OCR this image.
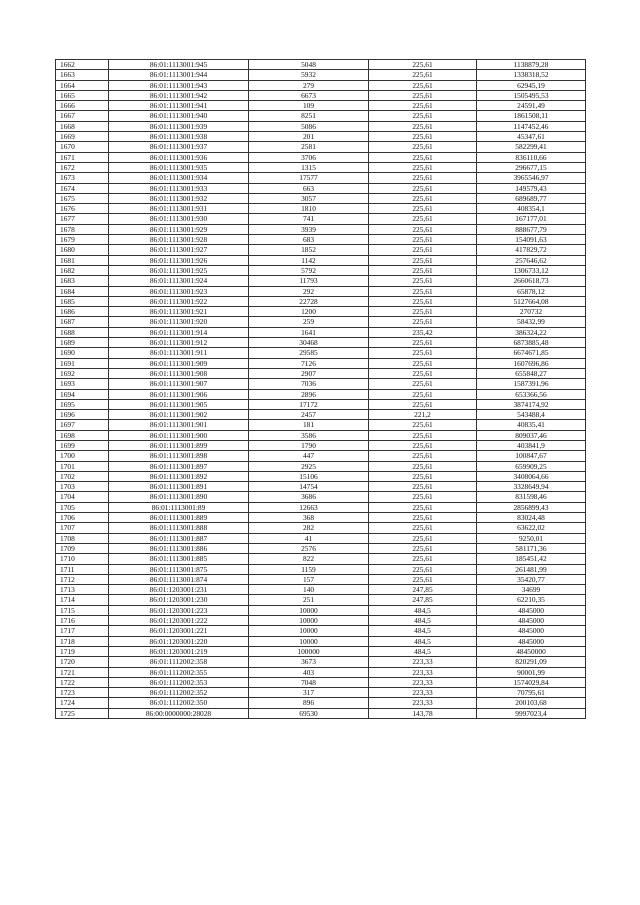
1662	86:01:1113001:945	5048	225,61	1138879,28
1663	86:01:1113001:944	5932	225,61	1338318,52
1664	86:01:1113001:943	279	225,61	62945,19
1665	86:01:1113001:942	6673	225,61	1505495,53
1666	86:01:1113001:941	109	225,61	24591,49
1667	86:01:1113001:940	8251	225,61	1861508,11
1668	86:01:1113001:939	5086	225,61	1147452,46
1669	86:01:1113001:938	201	225,61	45347,61
1670	86:01:1113001:937	2581	225,61	582299,41
1671	86:01:1113001:936	3706	225,61	836110,66
1672	86:01:1113001:935	1315	225,61	296677,15
1673	86:01:1113001:934	17577	225,61	3965546,97
1674	86:01:1113001:933	663	225,61	149579,43
1675	86:01:1113001:932	3057	225,61	689689,77
1676	86:01:1113001:931	1810	225,61	408354,1
1677	86:01:1113001:930	741	225,61	167177,01
1678	86:01:1113001:929	3939	225,61	888677,79
1679	86:01:1113001:928	683	225,61	154091,63
1680	86:01:1113001:927	1852	225,61	417829,72
1681	86:01:1113001:926	1142	225,61	257646,62
1682	86:01:1113001:925	5792	225,61	1306733,12
1683	86:01:1113001:924	11793	225,61	2660618,73
1684	86:01:1113001:923	292	225,61	65878,12
1685	86:01:1113001:922	22728	225,61	5127664,08
1686	86:01:1113001:921	1200	225,61	270732
1687	86:01:1113001:920	259	225,61	58432,99
1688	86:01:1113001:914	1641	235,42	386324,22
1689	86:01:1113001:912	30468	225,61	6873885,48
1690	86:01:1113001:911	29585	225,61	6674671,85
1691	86:01:1113001:909	7126	225,61	1607696,86
1692	86:01:1113001:908	2907	225,61	655848,27
1693	86:01:1113001:907	7036	225,61	1587391,96
1694	86:01:1113001:906	2896	225,61	653366,56
1695	86:01:1113001:905	17172	225,61	3874174,92
1696	86:01:1113001:902	2457	221,2	543488,4
1697	86:01:1113001:901	181	225,61	40835,41
1698	86:01:1113001:900	3586	225,61	809037,46
1699	86:01:1113001:899	1790	225,61	403841,9
1700	86:01:1113001:898	447	225,61	100847,67
1701	86:01:1113001:897	2925	225,61	659909,25
1702	86:01:1113001:892	15106	225,61	3408064,66
1703	86:01:1113001:891	14754	225,61	3328649,94
1704	86:01:1113001:890	3686	225,61	831598,46
1705	86:01:1113001:89	12663	225,61	2856899,43
1706	86:01:1113001:889	368	225,61	83024,48
1707	86:01:1113001:888	282	225,61	63622,02
1708	86:01:1113001:887	41	225,61	9250,01
1709	86:01:1113001:886	2576	225,61	581171,36
1710	86:01:1113001:885	822	225,61	185451,42
1711	86:01:1113001:875	1159	225,61	261481,99
1712	86:01:1113001:874	157	225,61	35420,77
1713	86:01:1203001:231	140	247,85	34699
1714	86:01:1203001:230	251	247,85	62210,35
1715	86:01:1203001:223	10000	484,5	4845000
1716	86:01:1203001:222	10000	484,5	4845000
1717	86:01:1203001:221	10000	484,5	4845000
1718	86:01:1203001:220	10000	484,5	4845000
1719	86:01:1203001:219	100000	484,5	48450000
1720	86:01:1112002:358	3673	223,33	820291,09
1721	86:01:1112002:355	403	223,33	90001,99
1722	86:01:1112002:353	7048	223,33	1574029,84
1723	86:01:1112002:352	317	223,33	70795,61
1724	86:01:1112002:350	896	223,33	200103,68
1725	86:00:0000000:28028	69530	143,78	9997023,4
